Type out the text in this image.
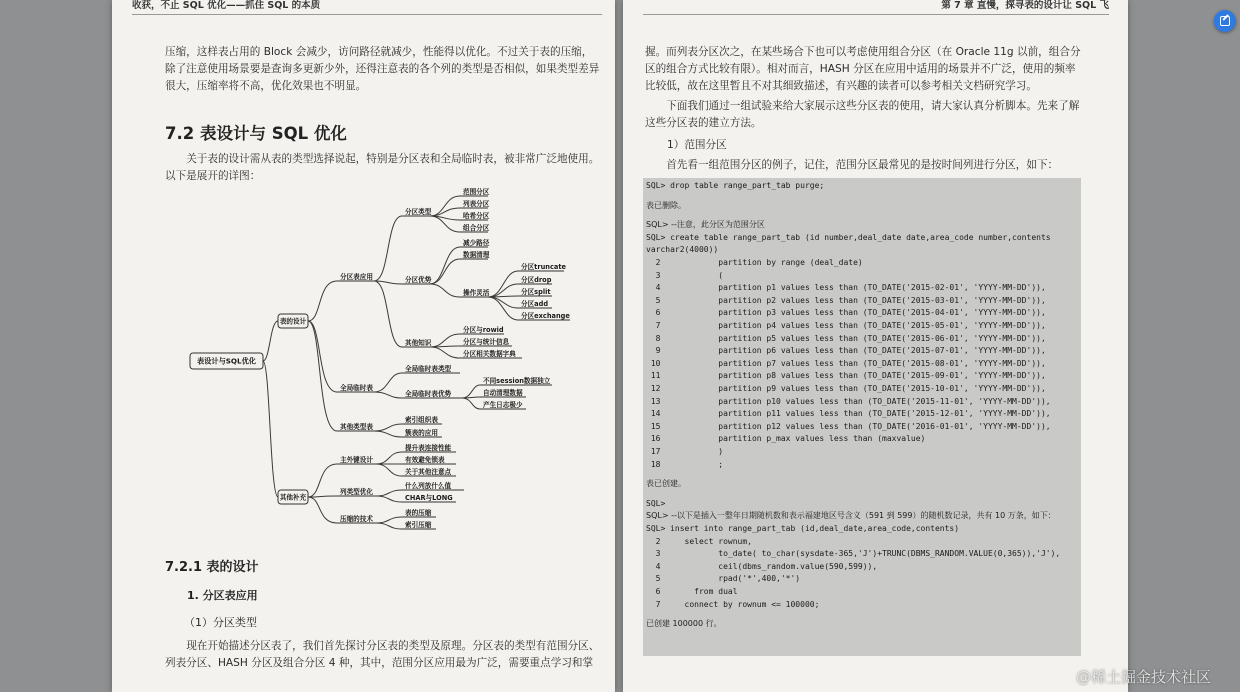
收获，不止 SQL 优化——抓住 SQL 的本质

压缩，这样表占用的 Block 会减少，访问路径就减少，性能得以优化。不过关于表的压缩，除了注意使用场景要是查询多更新少外，还得注意表的各个列的类型是否相似，如果类型差异很大，压缩率将不高，优化效果也不明显。

7.2 表设计与 SQL 优化

关于表的设计需从表的类型选择说起，特别是分区表和全局临时表，被非常广泛地使用。以下是展开的详图：

表设计与SQL优化
表的设计
其他补充
分区表应用
全局临时表
其他类型表
主外键设计
列类型优化
压缩的技术
分区类型
分区优势
其他知识
全局临时表类型
全局临时表优势
索引组织表
簇表的应用
范围分区
列表分区
哈希分区
组合分区
减少路径
数据清理
操作灵活
分区truncate
分区drop
分区split
分区add
分区exchange
分区与rowid
分区与统计信息
分区相关数据字典
不同session数据独立
自动清理数据
产生日志极少
提升表连接性能
有效避免锁表
关于其他注意点
什么列放什么值
CHAR与LONG
表的压缩
索引压缩
7.2.1 表的设计
1. 分区表应用
（1）分区类型

现在开始描述分区表了，我们首先探讨分区表的类型及原理。分区表的类型有范围分区、列表分区、HASH 分区及组合分区 4 种，其中，范围分区应用最为广泛，需要重点学习和掌

第 7 章 直慢，探寻表的设计让 SQL 飞

握。而列表分区次之，在某些场合下也可以考虑使用组合分区（在 Oracle 11g 以前，组合分区的组合方式比较有限）。相对而言，HASH 分区在应用中适用的场景并不广泛，使用的频率比较低，故在这里暂且不对其细致描述，有兴趣的读者可以参考相关文档研究学习。

下面我们通过一组试验来给大家展示这些分区表的使用，请大家认真分析脚本。先来了解这些分区表的建立方法。

1）范围分区

首先看一组范围分区的例子，记住，范围分区最常见的是按时间列进行分区，如下：

SQL> drop table range_part_tab purge;
表已删除。
SQL> --注意，此分区为范围分区
SQL> create table range_part_tab (id number,deal_date date,area_code number,contents
varchar2(4000))
2            partition by range (deal_date)
3            (
4            partition p1 values less than (TO_DATE('2015-02-01', 'YYYY-MM-DD')),
5            partition p2 values less than (TO_DATE('2015-03-01', 'YYYY-MM-DD')),
6            partition p3 values less than (TO_DATE('2015-04-01', 'YYYY-MM-DD')),
7            partition p4 values less than (TO_DATE('2015-05-01', 'YYYY-MM-DD')),
8            partition p5 values less than (TO_DATE('2015-06-01', 'YYYY-MM-DD')),
9            partition p6 values less than (TO_DATE('2015-07-01', 'YYYY-MM-DD')),
10            partition p7 values less than (TO_DATE('2015-08-01', 'YYYY-MM-DD')),
11            partition p8 values less than (TO_DATE('2015-09-01', 'YYYY-MM-DD')),
12            partition p9 values less than (TO_DATE('2015-10-01', 'YYYY-MM-DD')),
13            partition p10 values less than (TO_DATE('2015-11-01', 'YYYY-MM-DD')),
14            partition p11 values less than (TO_DATE('2015-12-01', 'YYYY-MM-DD')),
15            partition p12 values less than (TO_DATE('2016-01-01', 'YYYY-MM-DD')),
16            partition p_max values less than (maxvalue)
17            )
18            ;
表已创建。
SQL>
SQL> --以下是插入一整年日期随机数和表示福建地区号含义（591 到 599）的随机数记录，共有 10 万条，如下：
SQL> insert into range_part_tab (id,deal_date,area_code,contents)
2     select rownum,
3            to_date( to_char(sysdate-365,'J')+TRUNC(DBMS_RANDOM.VALUE(0,365)),'J'),
4            ceil(dbms_random.value(590,599)),
5            rpad('*',400,'*')
6       from dual
7     connect by rownum <= 100000;
已创建 100000 行。
@稀土掘金技术社区
